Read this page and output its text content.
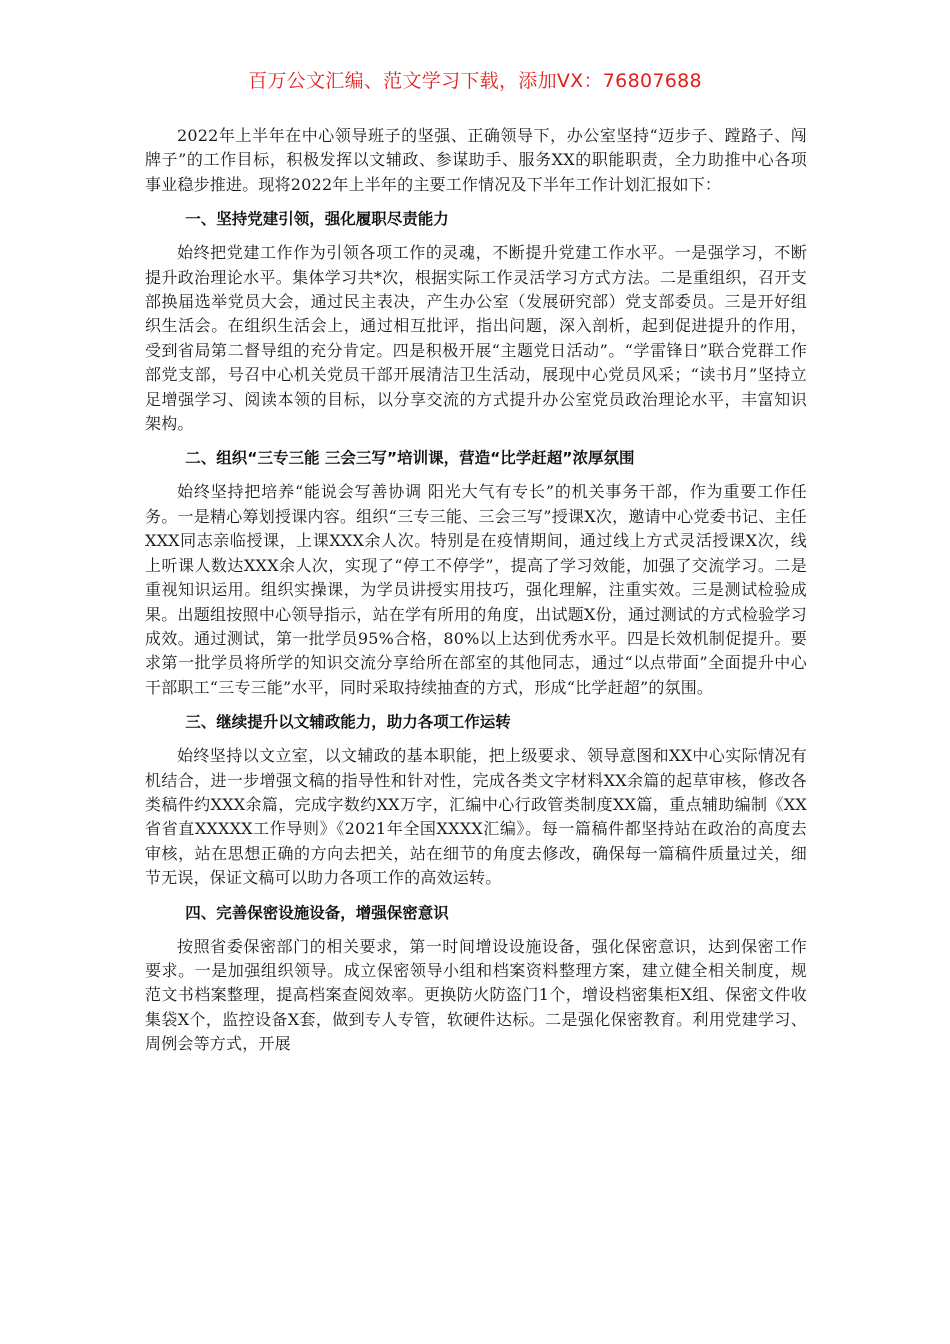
百万公文汇编、范文学习下载，添加VX：76807688

2022年上半年在中心领导班子的坚强、正确领导下，办公室坚持“迈步子、蹚路子、闯牌子”的工作目标，积极发挥以文辅政、参谋助手、服务XX的职能职责，全力助推中心各项事业稳步推进。现将2022年上半年的主要工作情况及下半年工作计划汇报如下：

一、坚持党建引领，强化履职尽责能力

始终把党建工作作为引领各项工作的灵魂，不断提升党建工作水平。一是强学习，不断提升政治理论水平。集体学习共*次，根据实际工作灵活学习方式方法。二是重组织，召开支部换届选举党员大会，通过民主表决，产生办公室（发展研究部）党支部委员。三是开好组织生活会。在组织生活会上，通过相互批评，指出问题，深入剖析，起到促进提升的作用，受到省局第二督导组的充分肯定。四是积极开展“主题党日活动”。“学雷锋日”联合党群工作部党支部，号召中心机关党员干部开展清洁卫生活动，展现中心党员风采；“读书月”坚持立足增强学习、阅读本领的目标，以分享交流的方式提升办公室党员政治理论水平，丰富知识架构。

二、组织“三专三能 三会三写”培训课，营造“比学赶超”浓厚氛围

始终坚持把培养“能说会写善协调 阳光大气有专长”的机关事务干部，作为重要工作任务。一是精心筹划授课内容。组织“三专三能、三会三写”授课X次，邀请中心党委书记、主任XXX同志亲临授课，上课XXX余人次。特别是在疫情期间，通过线上方式灵活授课X次，线上听课人数达XXX余人次，实现了“停工不停学”，提高了学习效能，加强了交流学习。二是重视知识运用。组织实操课，为学员讲授实用技巧，强化理解，注重实效。三是测试检验成果。出题组按照中心领导指示，站在学有所用的角度，出试题X份，通过测试的方式检验学习成效。通过测试，第一批学员95%合格，80%以上达到优秀水平。四是长效机制促提升。要求第一批学员将所学的知识交流分享给所在部室的其他同志，通过“以点带面”全面提升中心干部职工“三专三能”水平，同时采取持续抽查的方式，形成“比学赶超”的氛围。

三、继续提升以文辅政能力，助力各项工作运转

始终坚持以文立室，以文辅政的基本职能，把上级要求、领导意图和XX中心实际情况有机结合，进一步增强文稿的指导性和针对性，完成各类文字材料XX余篇的起草审核，修改各类稿件约XXX余篇，完成字数约XX万字，汇编中心行政管类制度XX篇，重点辅助编制《XX省省直XXXXX工作导则》《2021年全国XXXX汇编》。每一篇稿件都坚持站在政治的高度去审核，站在思想正确的方向去把关，站在细节的角度去修改，确保每一篇稿件质量过关，细节无误，保证文稿可以助力各项工作的高效运转。

四、完善保密设施设备，增强保密意识

按照省委保密部门的相关要求，第一时间增设设施设备，强化保密意识，达到保密工作要求。一是加强组织领导。成立保密领导小组和档案资料整理方案，建立健全相关制度，规范文书档案整理，提高档案查阅效率。更换防火防盗门1个，增设档密集柜X组、保密文件收集袋X个，监控设备X套，做到专人专管，软硬件达标。二是强化保密教育。利用党建学习、周例会等方式，开展
